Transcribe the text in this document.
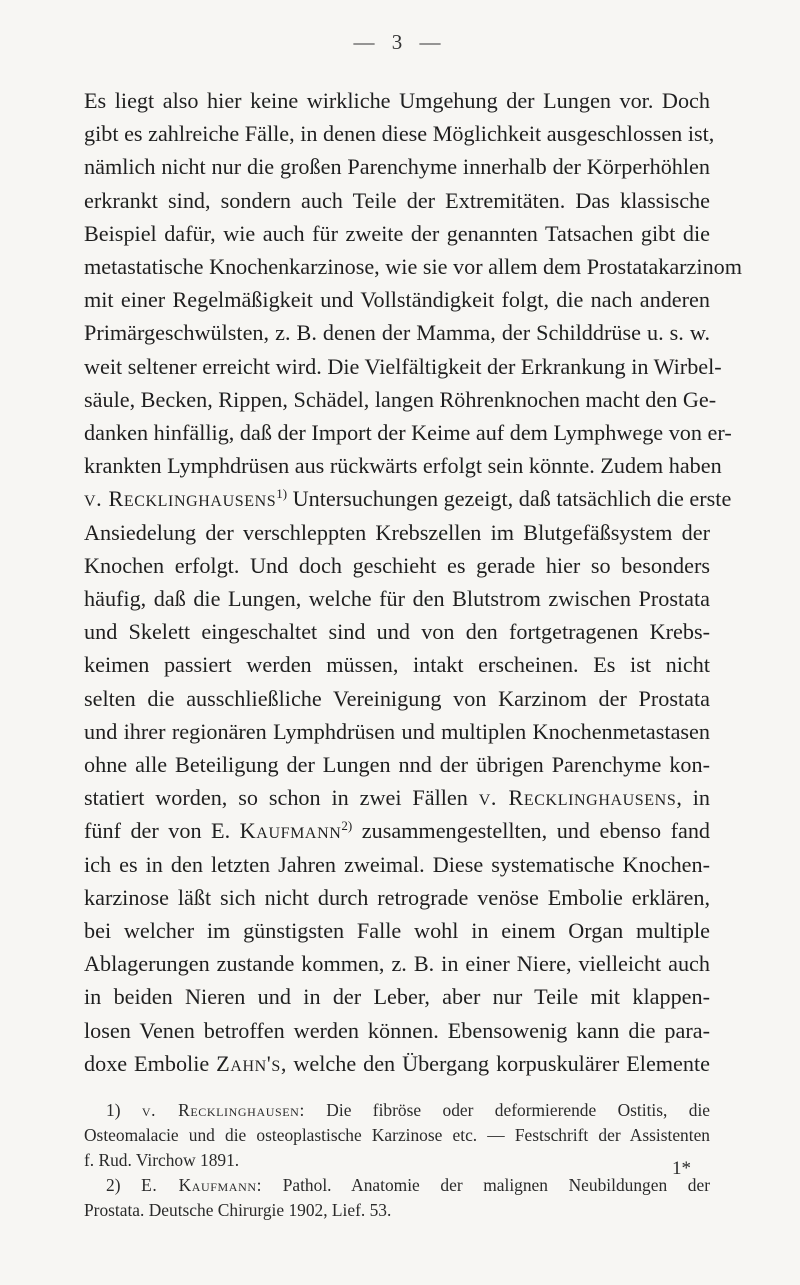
— 3 —
Es liegt also hier keine wirkliche Umgehung der Lungen vor. Doch
gibt es zahlreiche Fälle, in denen diese Möglichkeit ausgeschlossen ist,
nämlich nicht nur die großen Parenchyme innerhalb der Körperhöhlen
erkrankt sind, sondern auch Teile der Extremitäten. Das klassische
Beispiel dafür, wie auch für zweite der genannten Tatsachen gibt die
metastatische Knochenkarzinose, wie sie vor allem dem Prostatakarzinom
mit einer Regelmäßigkeit und Vollständigkeit folgt, die nach anderen
Primärgeschwülsten, z. B. denen der Mamma, der Schilddrüse u. s. w.
weit seltener erreicht wird. Die Vielfältigkeit der Erkrankung in Wirbel-
säule, Becken, Rippen, Schädel, langen Röhrenknochen macht den Ge-
danken hinfällig, daß der Import der Keime auf dem Lymphwege von er-
krankten Lymphdrüsen aus rückwärts erfolgt sein könnte. Zudem haben
v. Recklinghausens$^{1)}$ Untersuchungen gezeigt, daß tatsächlich die erste
Ansiedelung der verschleppten Krebszellen im Blutgefäßsystem der
Knochen erfolgt. Und doch geschieht es gerade hier so besonders
häufig, daß die Lungen, welche für den Blutstrom zwischen Prostata
und Skelett eingeschaltet sind und von den fortgetragenen Krebs-
keimen passiert werden müssen, intakt erscheinen. Es ist nicht
selten die ausschließliche Vereinigung von Karzinom der Prostata
und ihrer regionären Lymphdrüsen und multiplen Knochenmetastasen
ohne alle Beteiligung der Lungen nnd der übrigen Parenchyme kon-
statiert worden, so schon in zwei Fällen v. Recklinghausens, in
fünf der von E. Kaufmann$^{2)}$ zusammengestellten, und ebenso fand
ich es in den letzten Jahren zweimal. Diese systematische Knochen-
karzinose läßt sich nicht durch retrograde venöse Embolie erklären,
bei welcher im günstigsten Falle wohl in einem Organ multiple
Ablagerungen zustande kommen, z. B. in einer Niere, vielleicht auch
in beiden Nieren und in der Leber, aber nur Teile mit klappen-
losen Venen betroffen werden können. Ebensowenig kann die para-
doxe Embolie Zahn's, welche den Übergang korpuskulärer Elemente
1) v. Recklinghausen: Die fibröse oder deformierende Ostitis, die
Osteomalacie und die osteoplastische Karzinose etc. — Festschrift der Assistenten
f. Rud. Virchow 1891.
2) E. Kaufmann: Pathol. Anatomie der malignen Neubildungen der
Prostata. Deutsche Chirurgie 1902, Lief. 53.
1*
